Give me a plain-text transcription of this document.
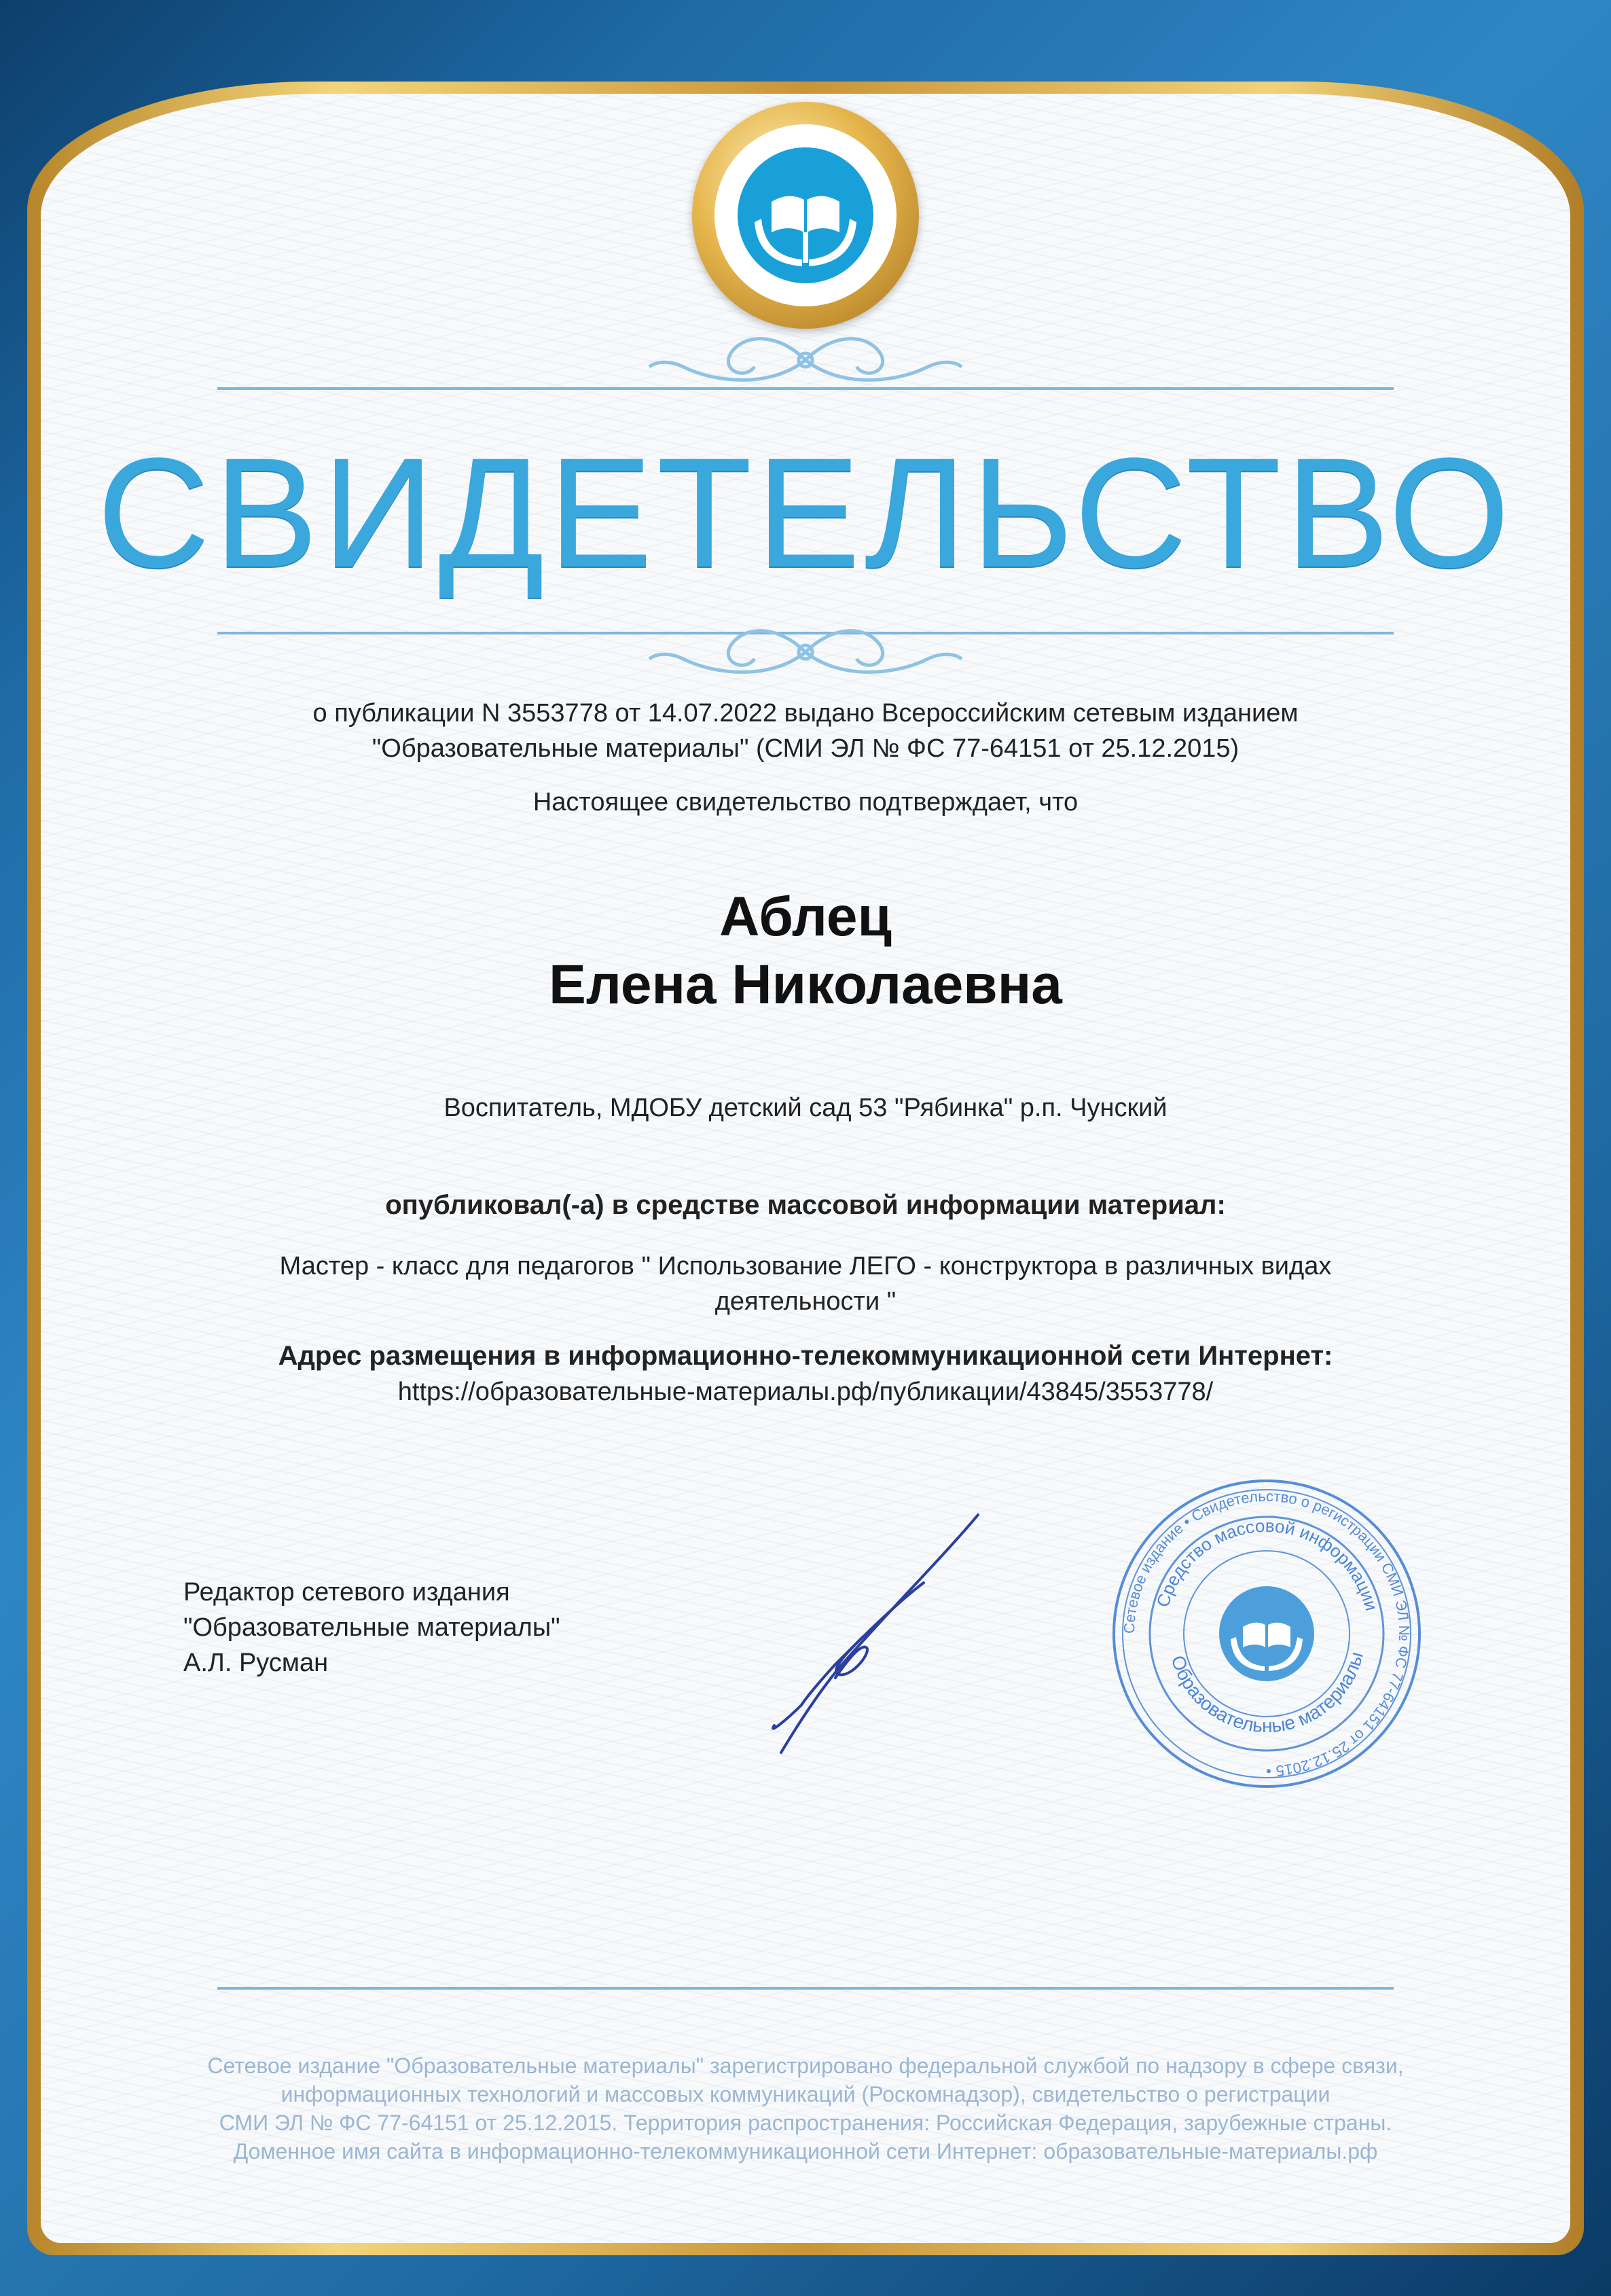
СВИДЕТЕЛЬСТВО
о публикации N 3553778 от 14.07.2022 выдано Всероссийским сетевым изданием
"Образовательные материалы" (СМИ ЭЛ № ФС 77-64151 от 25.12.2015)
Настоящее свидетельство подтверждает, что
Аблец
Елена Николаевна
Воспитатель, МДОБУ детский сад 53 "Рябинка" р.п. Чунский
опубликовал(-а) в средстве массовой информации материал:
Мастер - класс для педагогов " Использование ЛЕГО - конструктора в различных видах
деятельности "
Адрес размещения в информационно-телекоммуникационной сети Интернет:
https://образовательные-материалы.рф/публикации/43845/3553778/
Редактор сетевого издания
"Образовательные материалы"
А.Л. Русман
Сетевое издание • Свидетельство о регистрации СМИ ЭЛ № ФС 77-64151 от 25.12.2015 •
Средство массовой информации
Образовательные материалы
Сетевое издание "Образовательные материалы" зарегистрировано федеральной службой по надзору в сфере связи,
информационных технологий и массовых коммуникаций (Роскомнадзор), свидетельство о регистрации
СМИ ЭЛ № ФС 77-64151 от 25.12.2015. Территория распространения: Российская Федерация, зарубежные страны.
Доменное имя сайта в информационно-телекоммуникационной сети Интернет: образовательные-материалы.рф
